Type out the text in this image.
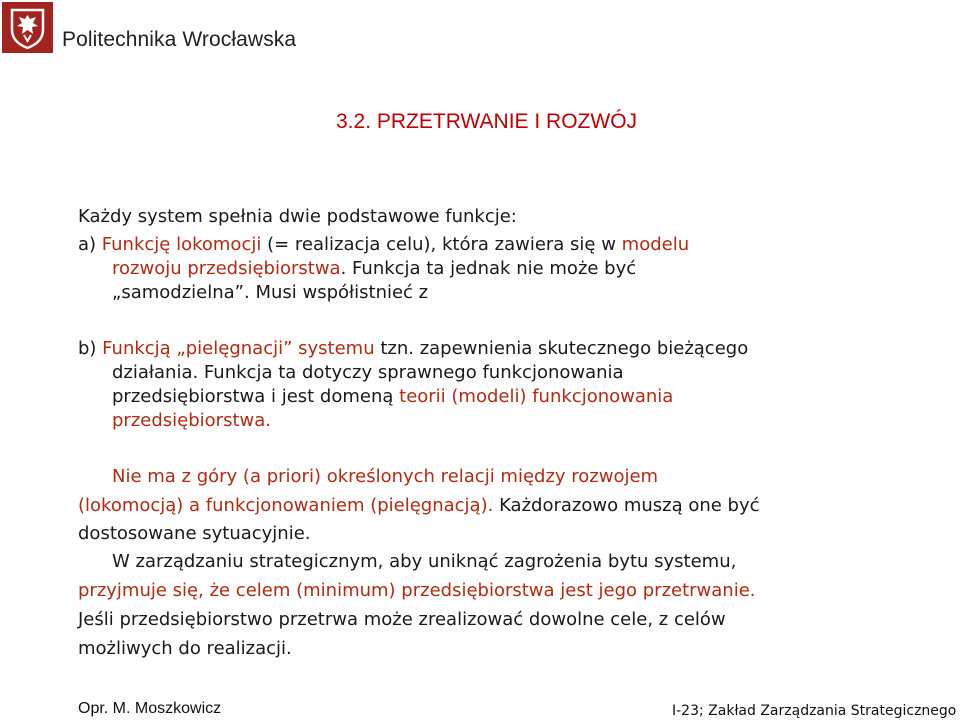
Politechnika Wrocławska
3.2. PRZETRWANIE I ROZWÓJ
Każdy system spełnia dwie podstawowe funkcje:
a) Funkcję lokomocji (= realizacja celu), która zawiera się w modelu
rozwoju przedsiębiorstwa. Funkcja ta jednak nie może być
„samodzielna”. Musi współistnieć z
b) Funkcją „pielęgnacji” systemu tzn. zapewnienia skutecznego bieżącego
działania. Funkcja ta dotyczy sprawnego funkcjonowania
przedsiębiorstwa i jest domeną teorii (modeli) funkcjonowania
przedsiębiorstwa.
Nie ma z góry (a priori) określonych relacji między rozwojem
(lokomocją) a funkcjonowaniem (pielęgnacją). Każdorazowo muszą one być
dostosowane sytuacyjnie.
W zarządzaniu strategicznym, aby uniknąć zagrożenia bytu systemu,
przyjmuje się, że celem (minimum) przedsiębiorstwa jest jego przetrwanie.
Jeśli przedsiębiorstwo przetrwa może zrealizować dowolne cele, z celów
możliwych do realizacji.
Opr. M. Moszkowicz	I-23; Zakład Zarządzania Strategicznego
